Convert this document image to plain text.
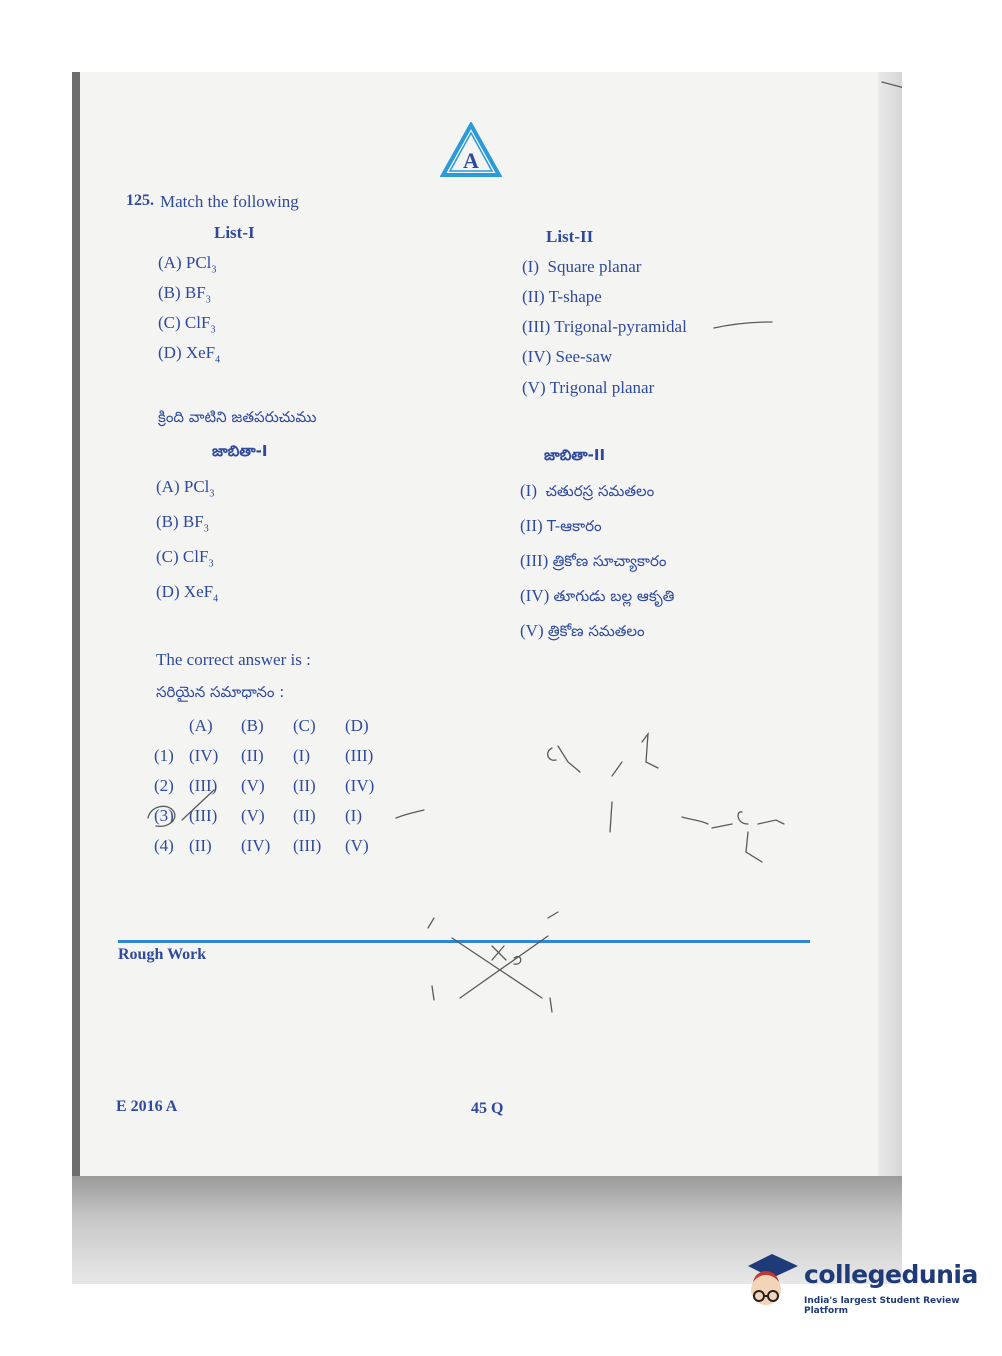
A
125. Match the following
List-I	List-II
(A) PCl$_3$
(B) $BF_3$
(C) ClF$_3$
(D) XeF$_4$
(I) Square planar
(II) T-shape
(III) Trigonal-pyramidal
(IV) See-saw
(V) Trigonal planar
క్రింది వాటిని జతపరుచుము
జాబితా-I	జాబితా-II
(A) PCl$_3$
(B) $BF_3$
(C) ClF$_3$
(D) XeF$_4$
(I) చతురస్ర సమతలం
(II) T-ఆకారం
(III) త్రికోణ సూచ్యాకారం
(IV) తూగుడు బల్ల ఆకృతి
(V) త్రికోణ సమతలం
The correct answer is :
సరియైన సమాధానం :
(A) (B) (C) (D)
(1) (IV) (II) (I) (III)
(2) (III) (V) (II) (IV)
(3) (III) (V) (II) (I)
(4) (II) (IV) (III) (V)
Rough Work
E 2016 A	45 Q
collegedunia
India's largest Student Review Platform
